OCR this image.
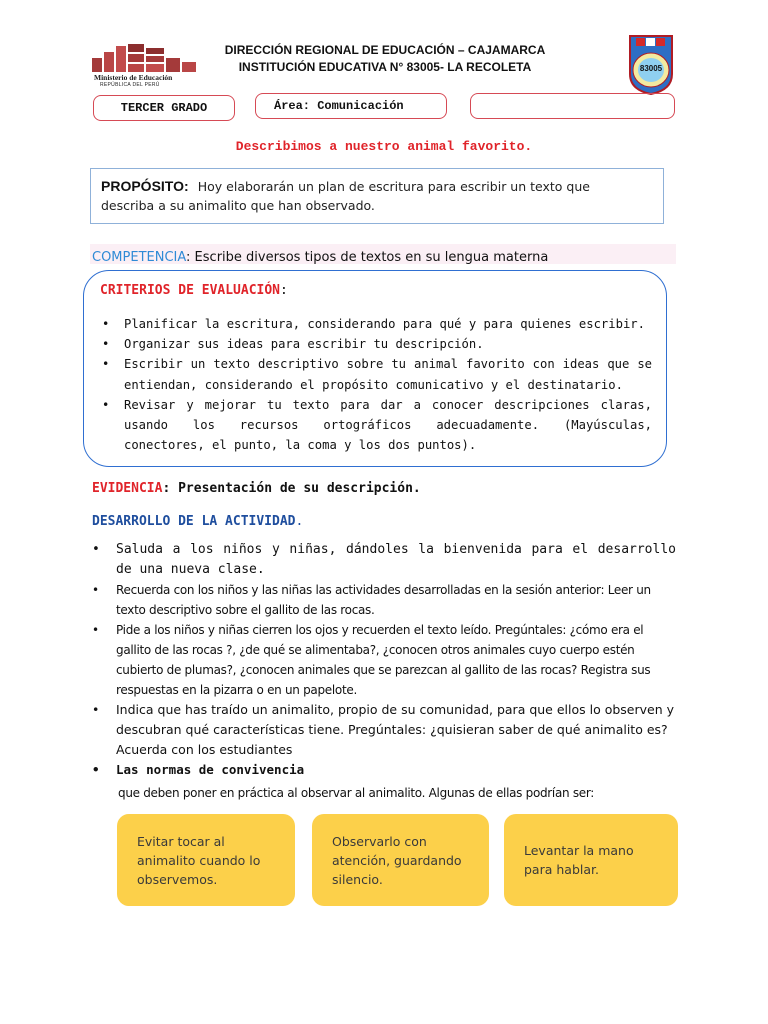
Ministerio de Educación
REPÚBLICA DEL PERÚ
DIRECCIÓN REGIONAL DE EDUCACIÓN – CAJAMARCA
INSTITUCIÓN EDUCATIVA N° 83005- LA RECOLETA	83005
TERCER GRADO	Área: Comunicación
Describimos a nuestro animal favorito.
PROPÓSITO: Hoy elaborarán un plan de escritura para escribir un texto que
describa a su animalito que han observado.
COMPETENCIA: Escribe diversos tipos de textos en su lengua materna
CRITERIOS DE EVALUACIÓN:
• Planificar la escritura, considerando para qué y para quienes escribir.
• Organizar sus ideas para escribir tu descripción.
• Escribir un texto descriptivo sobre tu animal favorito con ideas que se entiendan, considerando el propósito comunicativo y el destinatario.
• Revisar y mejorar tu texto para dar a conocer descripciones claras, usando los recursos ortográficos adecuadamente. (Mayúsculas, conectores, el punto, la coma y los dos puntos).
EVIDENCIA: Presentación de su descripción.
DESARROLLO DE LA ACTIVIDAD.
• Saluda a los niños y niñas, dándoles la bienvenida para el desarrollo de una nueva clase.
• Recuerda con los niños y las niñas las actividades desarrolladas en la sesión anterior: Leer un texto descriptivo sobre el gallito de las rocas.
• Pide a los niños y niñas cierren los ojos y recuerden el texto leído. Pregúntales: ¿cómo era el gallito de las rocas ?, ¿de qué se alimentaba?, ¿conocen otros animales cuyo cuerpo estén cubierto de plumas?, ¿conocen animales que se parezcan al gallito de las rocas? Registra sus respuestas en la pizarra o en un papelote.
• Indica que has traído un animalito, propio de su comunidad, para que ellos lo observen y descubran qué características tiene. Pregúntales: ¿quisieran saber de qué animalito es? Acuerda con los estudiantes
• Las normas de convivencia
que deben poner en práctica al observar al animalito. Algunas de ellas podrían ser:
Evitar tocar al animalito cuando lo observemos.
Observarlo con atención, guardando silencio.
Levantar la mano para hablar.
